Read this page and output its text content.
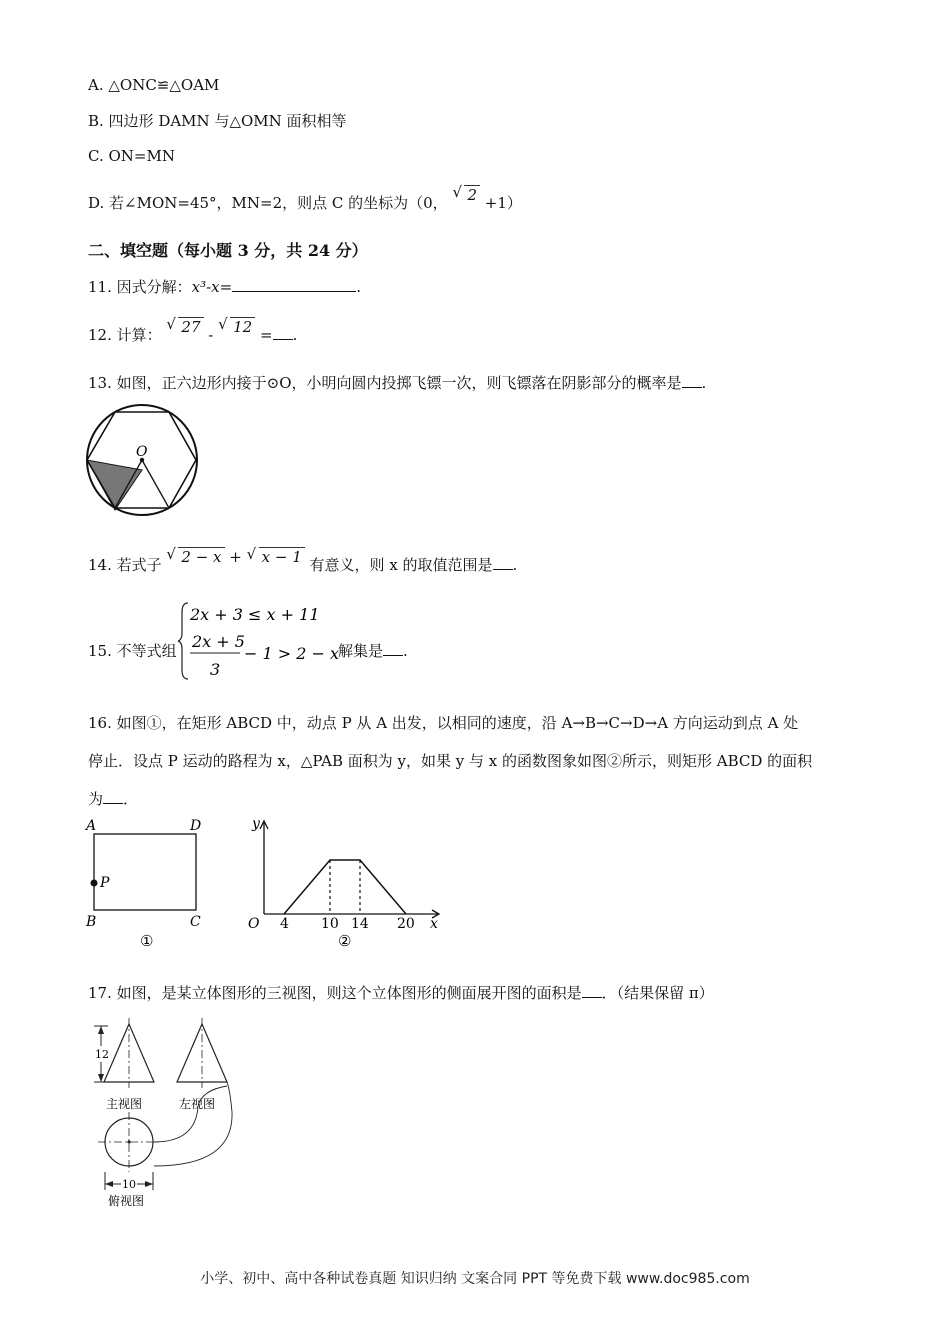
A. △ONC≌△OAM
B. 四边形 DAMN 与△OMN 面积相等
C. ON=MN
D. 若∠MON=45°，MN=2，则点 C 的坐标为（0，
√ 2 +1）
二、填空题（每小题 3 分，共 24 分）
11. 因式分解：x³-x=	.
12. 计算：
√ 27 -
√ 12 = .
13. 如图，正六边形内接于⊙O，小明向圆内投掷飞镖一次，则飞镖落在阴影部分的概率是 .
O
14. 若式子
√ 2 − x + √ x − 1 有意义，则 x 的取值范围是 .
15. 不等式组
2x + 3 ≤ x + 11
2x + 5
3
− 1 > 2 − x
解集是 .
16. 如图①，在矩形 ABCD 中，动点 P 从 A 出发，以相同的速度，沿 A→B→C→D→A 方向运动到点 A 处
停止．设点 P 运动的路程为 x，△PAB 面积为 y，如果 y 与 x 的函数图象如图②所示，则矩形 ABCD 的面积
为 ．
A	D
P
B	C
①
y
x
O 4 10 14 20
②
17. 如图，是某立体图形的三视图，则这个立体图形的侧面展开图的面积是 ．（结果保留 π）
12
主视图	左视图
10
俯视图
小学、初中、高中各种试卷真题 知识归纳 文案合同 PPT 等免费下载 www.doc985.com
